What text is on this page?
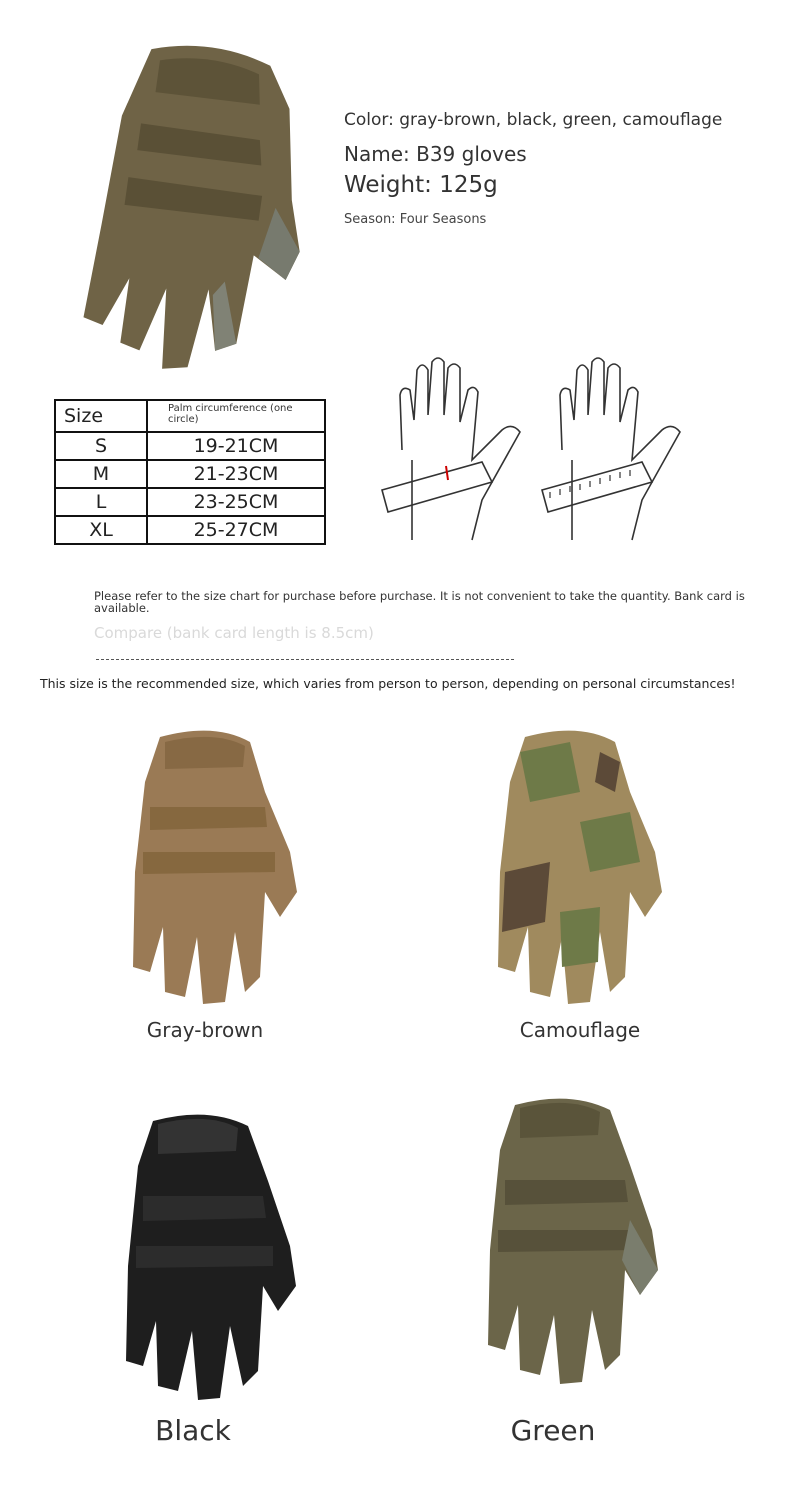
Color: gray-brown, black, green, camouflage
Name: B39 gloves
Weight: 125g
Season: Four Seasons
Size	Palm circumference (one circle)
S	19-21CM
M	21-23CM
L	23-25CM
XL	25-27CM
Please refer to the size chart for purchase before purchase. It is not convenient to take the quantity. Bank card is available.
Compare (bank card length is 8.5cm)
This size is the recommended size, which varies from person to person, depending on personal circumstances!
Gray-brown	Camouflage
Black	Green
